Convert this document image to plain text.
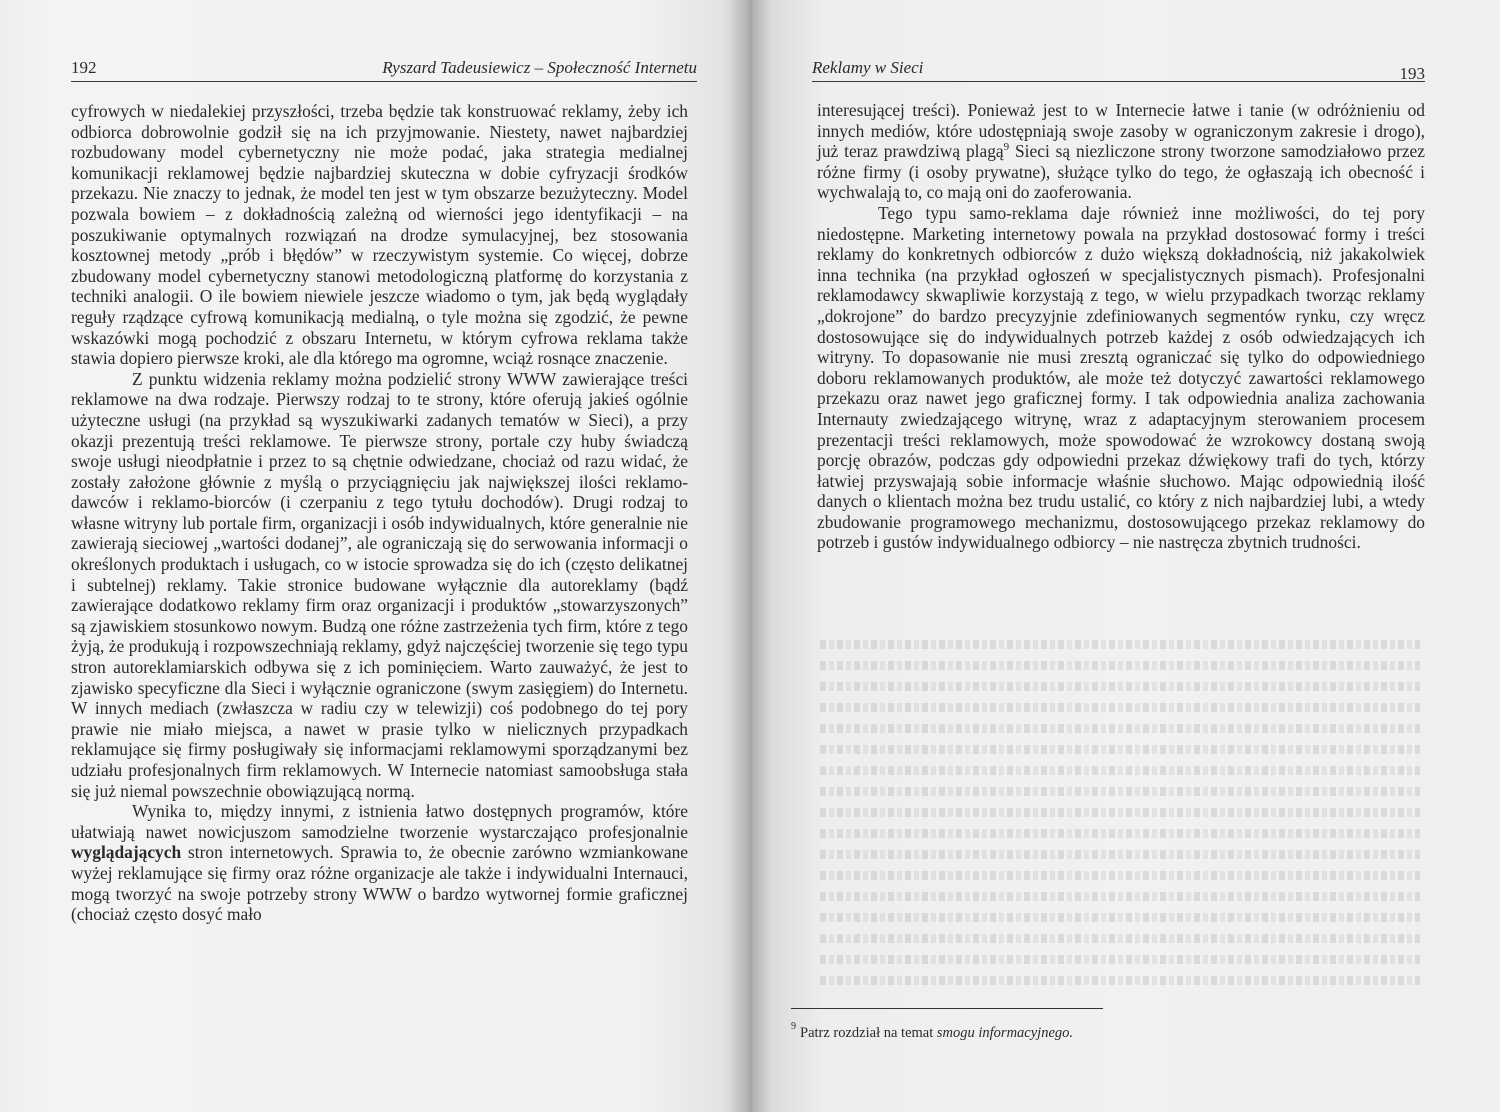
192	Ryszard Tadeusiewicz – Społeczność Internetu

cyfrowych w niedalekiej przyszłości, trzeba będzie tak konstruować reklamy, żeby ich odbiorca dobrowolnie godził się na ich przyjmowanie. Niestety, nawet najbardziej rozbudowany model cybernetyczny nie może podać, jaka strategia medialnej komunikacji reklamowej będzie najbardziej skuteczna w dobie cyfryzacji środków przekazu. Nie znaczy to jednak, że model ten jest w tym obszarze bezużyteczny. Model pozwala bowiem – z dokładnością zależną od wierności jego identyfikacji – na poszukiwanie optymalnych rozwiązań na drodze symulacyjnej, bez stosowania kosztownej metody „prób i błędów” w rzeczywistym systemie. Co więcej, dobrze zbudowany model cybernetyczny stanowi metodologiczną platformę do korzystania z techniki analogii. O ile bowiem niewiele jeszcze wiadomo o tym, jak będą wyglądały reguły rządzące cyfrową komunikacją medialną, o tyle można się zgodzić, że pewne wskazówki mogą pochodzić z obszaru Internetu, w którym cyfrowa reklama także stawia dopiero pierwsze kroki, ale dla którego ma ogromne, wciąż rosnące znaczenie.

Z punktu widzenia reklamy można podzielić strony WWW zawierające treści reklamowe na dwa rodzaje. Pierwszy rodzaj to te strony, które oferują jakieś ogólnie użyteczne usługi (na przykład są wyszukiwarki zadanych tematów w Sieci), a przy okazji prezentują treści reklamowe. Te pierwsze strony, portale czy huby świadczą swoje usługi nieodpłatnie i przez to są chętnie odwiedzane, chociaż od razu widać, że zostały założone głównie z myślą o przyciągnięciu jak największej ilości reklamo-dawców i reklamo-biorców (i czerpaniu z tego tytułu dochodów). Drugi rodzaj to własne witryny lub portale firm, organizacji i osób indywidualnych, które generalnie nie zawierają sieciowej „wartości dodanej”, ale ograniczają się do serwowania informacji o określonych produktach i usługach, co w istocie sprowadza się do ich (często delikatnej i subtelnej) reklamy. Takie stronice budowane wyłącznie dla autoreklamy (bądź zawierające dodatkowo reklamy firm oraz organizacji i produktów „stowarzyszonych” są zjawiskiem stosunkowo nowym. Budzą one różne zastrzeżenia tych firm, które z tego żyją, że produkują i rozpowszechniają reklamy, gdyż najczęściej tworzenie się tego typu stron autoreklamiarskich odbywa się z ich pominięciem. Warto zauważyć, że jest to zjawisko specyficzne dla Sieci i wyłącznie ograniczone (swym zasięgiem) do Internetu. W innych mediach (zwłaszcza w radiu czy w telewizji) coś podobnego do tej pory prawie nie miało miejsca, a nawet w prasie tylko w nielicznych przypadkach reklamujące się firmy posługiwały się informacjami reklamowymi sporządzanymi bez udziału profesjonalnych firm reklamowych. W Internecie natomiast samoobsługa stała się już niemal powszechnie obowiązującą normą.

Wynika to, między innymi, z istnienia łatwo dostępnych programów, które ułatwiają nawet nowicjuszom samodzielne tworzenie wystarczająco profesjonalnie wyglądających stron internetowych. Sprawia to, że obecnie zarówno wzmiankowane wyżej reklamujące się firmy oraz różne organizacje ale także i indywidualni Internauci, mogą tworzyć na swoje potrzeby strony WWW o bardzo wytwornej formie graficznej (chociaż często dosyć mało

Reklamy w Sieci	193

interesującej treści). Ponieważ jest to w Internecie łatwe i tanie (w odróżnieniu od innych mediów, które udostępniają swoje zasoby w ograniczonym zakresie i drogo), już teraz prawdziwą plagą$^9$ Sieci są niezliczone strony tworzone samodziałowo przez różne firmy (i osoby prywatne), służące tylko do tego, że ogłaszają ich obecność i wychwalają to, co mają oni do zaoferowania.

Tego typu samo-reklama daje również inne możliwości, do tej pory niedostępne. Marketing internetowy powala na przykład dostosować formy i treści reklamy do konkretnych odbiorców z dużo większą dokładnością, niż jakakolwiek inna technika (na przykład ogłoszeń w specjalistycznych pismach). Profesjonalni reklamodawcy skwapliwie korzystają z tego, w wielu przypadkach tworząc reklamy „dokrojone” do bardzo precyzyjnie zdefiniowanych segmentów rynku, czy wręcz dostosowujące się do indywidualnych potrzeb każdej z osób odwiedzających ich witryny. To dopasowanie nie musi zresztą ograniczać się tylko do odpowiedniego doboru reklamowanych produktów, ale może też dotyczyć zawartości reklamowego przekazu oraz nawet jego graficznej formy. I tak odpowiednia analiza zachowania Internauty zwiedzającego witrynę, wraz z adaptacyjnym sterowaniem procesem prezentacji treści reklamowych, może spowodować że wzrokowcy dostaną swoją porcję obrazów, podczas gdy odpowiedni przekaz dźwiękowy trafi do tych, którzy łatwiej przyswajają sobie informacje właśnie słuchowo. Mając odpowiednią ilość danych o klientach można bez trudu ustalić, co który z nich najbardziej lubi, a wtedy zbudowanie programowego mechanizmu, dostosowującego przekaz reklamowy do potrzeb i gustów indywidualnego odbiorcy – nie nastręcza zbytnich trudności.

$^9$ Patrz rozdział na temat smogu informacyjnego.
